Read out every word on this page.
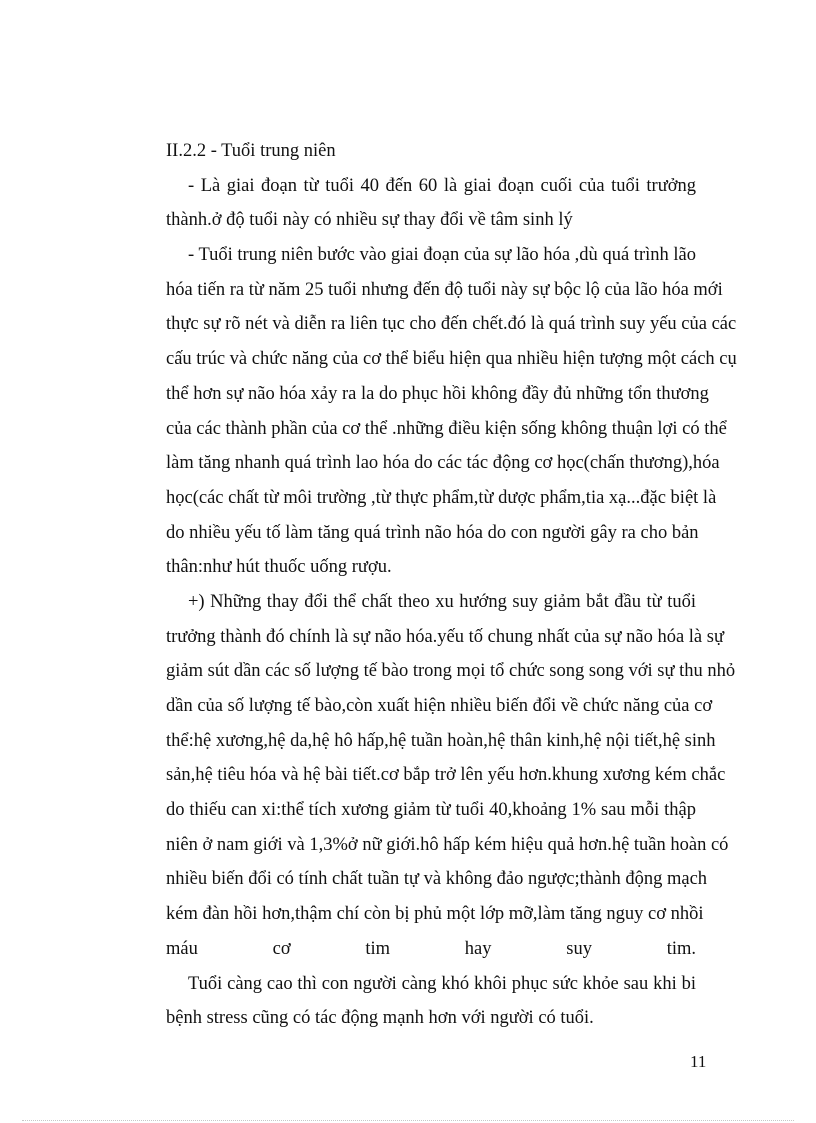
II.2.2 - Tuổi trung niên
- Là giai đoạn từ tuổi 40 đến 60 là giai đoạn cuối của tuổi trưởng
thành.ở độ tuổi này có nhiều sự thay đổi về tâm sinh lý
- Tuổi trung niên bước vào giai đoạn của sự lão hóa ,dù quá trình lão
hóa tiến ra từ năm 25 tuổi nhưng đến độ tuổi này sự bộc lộ của lão hóa mới
thực sự rõ nét và diễn ra liên tục cho đến chết.đó là quá trình suy yếu của các
cấu trúc và chức năng của cơ thể biểu hiện qua nhiều hiện tượng một cách cụ
thể hơn sự não hóa xảy ra la do phục hồi không đầy đủ những tổn thương
của các thành phần của cơ thể .những điều kiện sống không thuận lợi có thể
làm tăng nhanh quá trình lao hóa do các tác động cơ học(chấn thương),hóa
học(các chất từ môi trường ,từ thực phẩm,từ dược phẩm,tia xạ...đặc biệt là
do nhiều yếu tố làm tăng quá trình não hóa do con người gây ra cho bản
thân:như hút thuốc uống rượu.
+) Những thay đổi thể chất theo xu hướng suy giảm bắt đầu từ tuổi
trưởng thành đó chính là sự não hóa.yếu tố chung nhất của sự não hóa là sự
giảm sút dần các số lượng tế bào trong mọi tổ chức song song với sự thu nhỏ
dần của số lượng tế bào,còn xuất hiện nhiều biến đổi về chức năng của cơ
thể:hệ xương,hệ da,hệ hô hấp,hệ tuần hoàn,hệ thân kinh,hệ nội tiết,hệ sinh
sản,hệ tiêu hóa và hệ bài tiết.cơ bắp trở lên yếu hơn.khung xương kém chắc
do thiếu can xi:thể tích xương giảm từ tuổi 40,khoảng 1% sau mỗi thập
niên ở nam giới và 1,3%ở nữ giới.hô hấp kém hiệu quả hơn.hệ tuần hoàn có
nhiều biến đổi có tính chất tuần tự và không đảo ngược;thành động mạch
kém đàn hồi hơn,thậm chí còn bị phủ một lớp mỡ,làm tăng nguy cơ nhồi
máu cơ tim hay suy tim.
Tuổi càng cao thì con người càng khó khôi phục sức khỏe sau khi bi
bệnh stress cũng có tác động mạnh hơn với người có tuổi.
11
